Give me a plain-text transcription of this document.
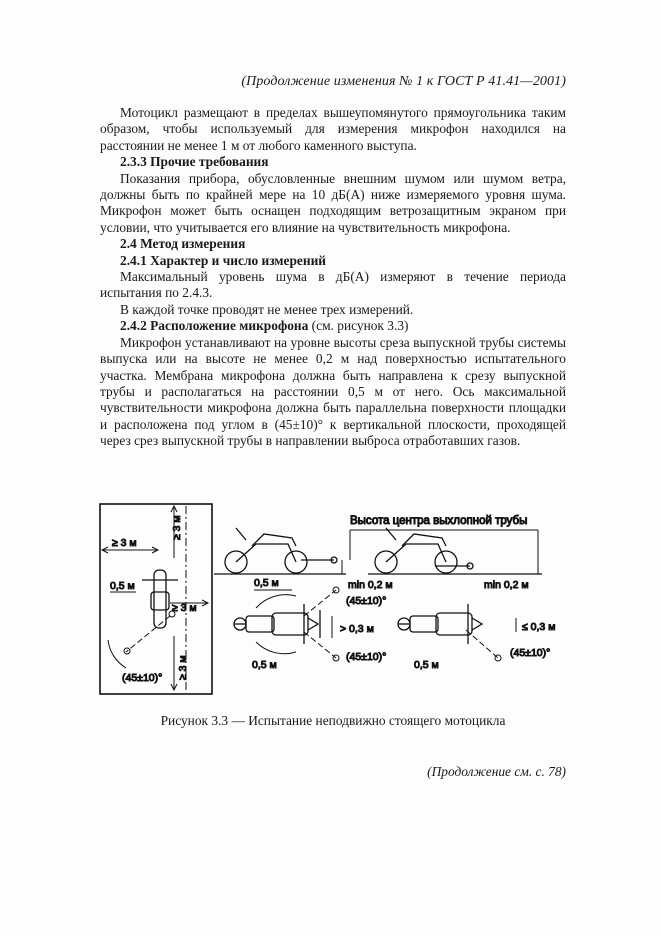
(Продолжение изменения № 1 к ГОСТ Р 41.41—2001)

Мотоцикл размещают в пределах вышеупомянутого прямоугольника таким образом, чтобы используемый для измерения микрофон находился на расстоянии не менее 1 м от любого каменного выступа.

2.3.3 Прочие требования

Показания прибора, обусловленные внешним шумом или шумом ветра, должны быть по крайней мере на 10 дБ(А) ниже измеряемого уровня шума. Микрофон может быть оснащен подходящим ветрозащитным экраном при условии, что учитывается его влияние на чувствительность микрофона.

2.4 Метод измерения
2.4.1 Характер и число измерений

Максимальный уровень шума в дБ(А) измеряют в течение периода испытания по 2.4.3.

В каждой точке проводят не менее трех измерений.

2.4.2 Расположение микрофона (см. рисунок 3.3)

Микрофон устанавливают на уровне высоты среза выпускной трубы системы выпуска или на высоте не менее 0,2 м над поверхностью испытательного участка. Мембрана микрофона должна быть направлена к срезу выпускной трубы и располагаться на расстоянии 0,5 м от него. Ось максимальной чувствительности микрофона должна быть параллельна поверхности площадки и расположена под углом в (45±10)° к вертикальной плоскости, проходящей через срез выпускной трубы в направлении выброса отработавших газов.

≥ 3 м
≥ 3 м
≥ 3 м
0,5 м
(45±10)° ≥ 3 м
Высота центра выхлопной трубы
min 0,2 м
0,5 м	min 0,2 м
(45±10)°
> 0,3 м
0,5 м
(45±10)°
≤ 0,3 м
0,5 м
(45±10)°
Рисунок 3.3 — Испытание неподвижно стоящего мотоцикла
(Продолжение см. с. 78)
